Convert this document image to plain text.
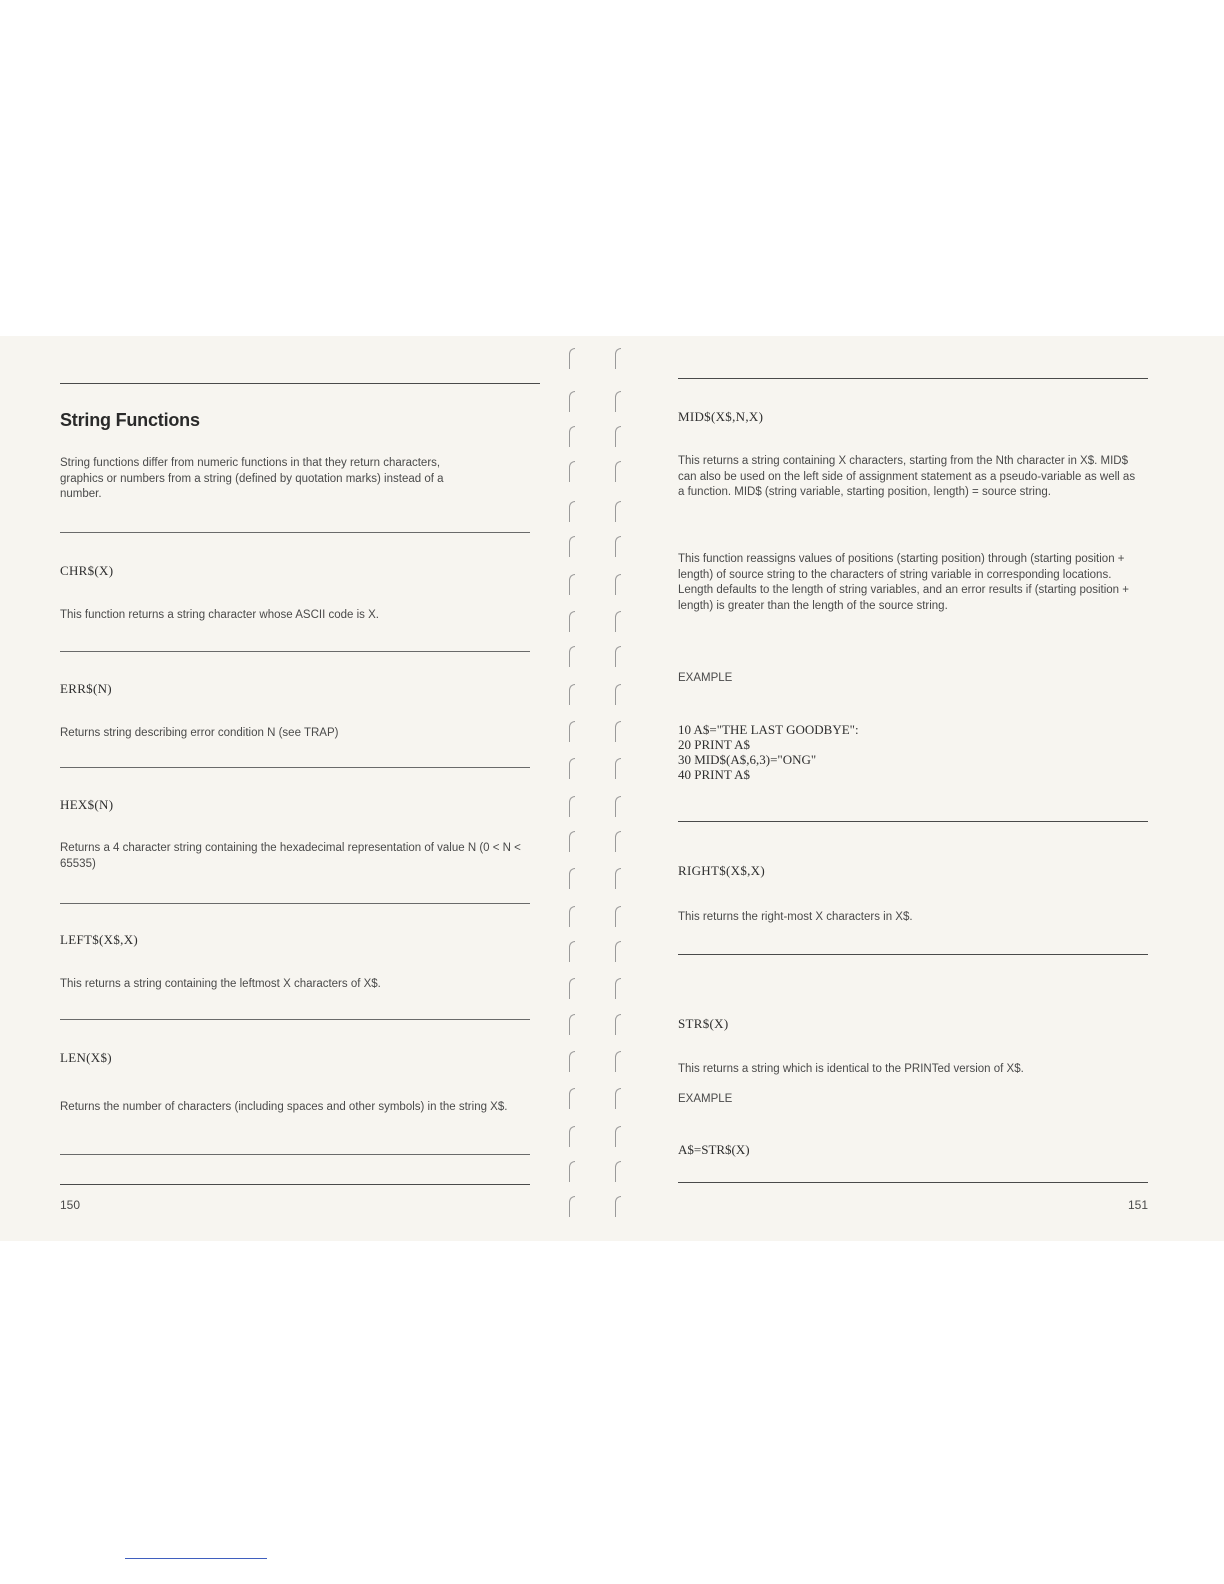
String Functions
String functions differ from numeric functions in that they return characters, graphics or numbers from a string (defined by quotation marks) instead of a number.
CHR$(X)
This function returns a string character whose ASCII code is X.
ERR$(N)
Returns string describing error condition N (see TRAP)
HEX$(N)
Returns a 4 character string containing the hexadecimal representation of value N (0 < N < 65535)
LEFT$(X$,X)
This returns a string containing the leftmost X characters of X$.
LEN(X$)
Returns the number of characters (including spaces and other symbols) in the string X$.
150
MID$(X$,N,X)
This returns a string containing X characters, starting from the Nth character in X$. MID$ can also be used on the left side of assignment statement as a pseudo-variable as well as a function. MID$ (string variable, starting position, length) = source string.
This function reassigns values of positions (starting position) through (starting position + length) of source string to the characters of string variable in corresponding locations. Length defaults to the length of string variables, and an error results if (starting position + length) is greater than the length of the source string.
EXAMPLE
10 A$="THE LAST GOODBYE":
20 PRINT A$
30 MID$(A$,6,3)="ONG"
40 PRINT A$
RIGHT$(X$,X)
This returns the right-most X characters in X$.
STR$(X)
This returns a string which is identical to the PRINTed version of X$.
EXAMPLE
A$=STR$(X)
151
